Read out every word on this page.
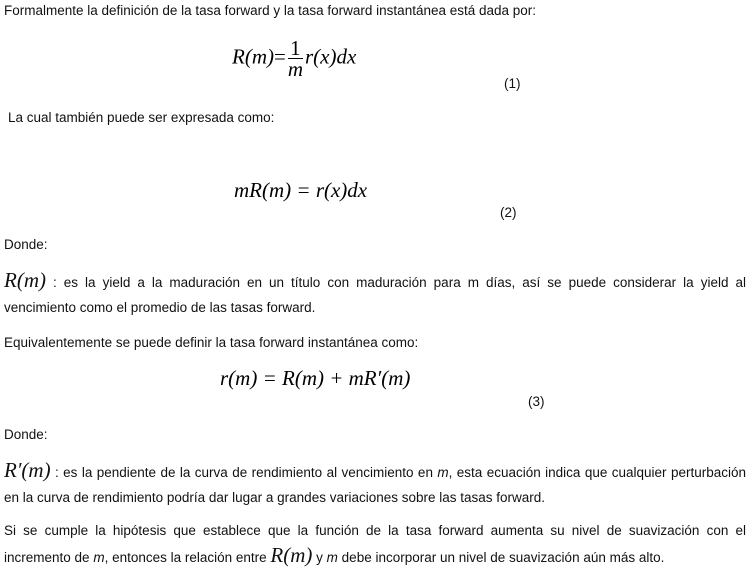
Formalmente la definición de la tasa forward y la tasa forward instantánea está dada por:
$R(m)= \frac{1}{m} r(x)dx$
(1)
La cual también puede ser expresada como:
mR(m) = r(x)dx
(2)
Donde:
R(m) : es la yield a la maduración en un título con maduración para m días, así se puede considerar la yield al vencimiento como el promedio de las tasas forward.
Equivalentemente se puede definir la tasa forward instantánea como:
r(m) = R(m) + mR′(m)
(3)
Donde:
R′(m) : es la pendiente de la curva de rendimiento al vencimiento en m, esta ecuación indica que cualquier perturbación en la curva de rendimiento podría dar lugar a grandes variaciones sobre las tasas forward.
Si se cumple la hipótesis que establece que la función de la tasa forward aumenta su nivel de suavización con el incremento de m, entonces la relación entre R(m) y m debe incorporar un nivel de suavización aún más alto.
